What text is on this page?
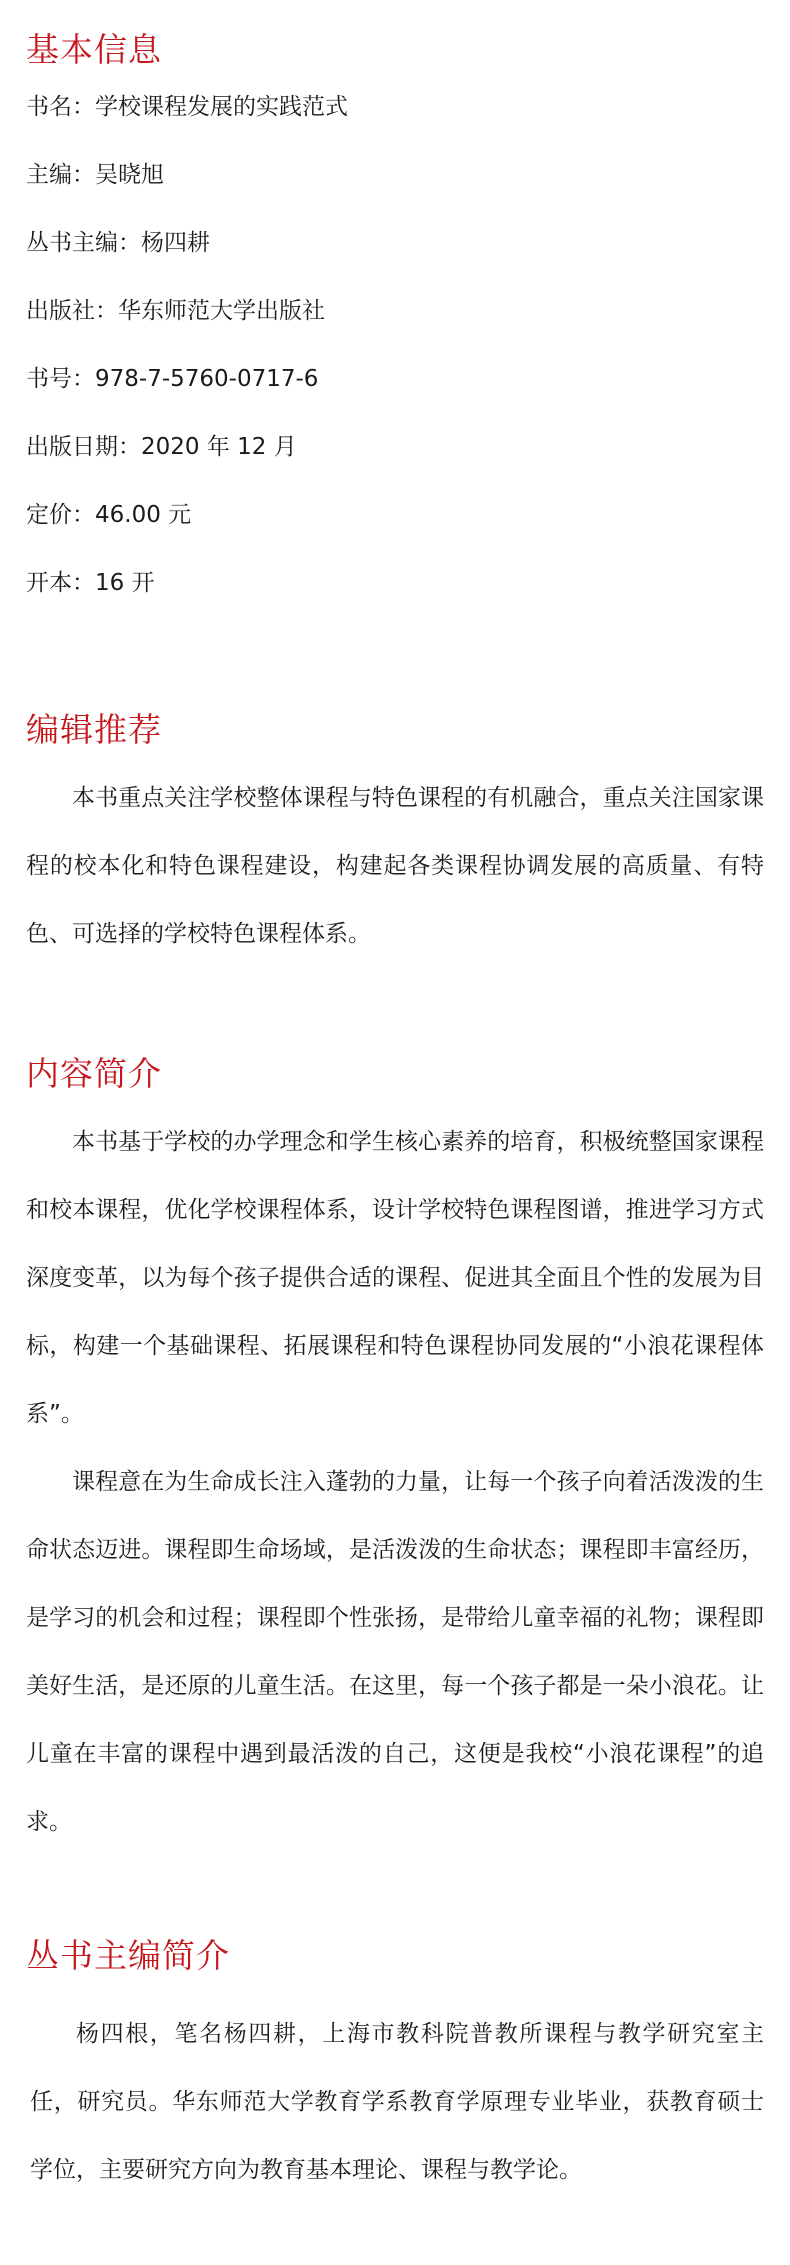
基本信息

书名：学校课程发展的实践范式

主编：吴晓旭

丛书主编：杨四耕

出版社：华东师范大学出版社

书号：978-7-5760-0717-6

出版日期：2020 年 12 月

定价：46.00 元

开本：16 开

编辑推荐

本书重点关注学校整体课程与特色课程的有机融合，重点关注国家课程的校本化和特色课程建设，构建起各类课程协调发展的高质量、有特色、可选择的学校特色课程体系。

内容简介

本书基于学校的办学理念和学生核心素养的培育，积极统整国家课程和校本课程，优化学校课程体系，设计学校特色课程图谱，推进学习方式深度变革，以为每个孩子提供合适的课程、促进其全面且个性的发展为目标，构建一个基础课程、拓展课程和特色课程协同发展的“小浪花课程体系”。

课程意在为生命成长注入蓬勃的力量，让每一个孩子向着活泼泼的生命状态迈进。课程即生命场域，是活泼泼的生命状态；课程即丰富经历，是学习的机会和过程；课程即个性张扬，是带给儿童幸福的礼物；课程即美好生活，是还原的儿童生活。在这里，每一个孩子都是一朵小浪花。让儿童在丰富的课程中遇到最活泼的自己，这便是我校“小浪花课程”的追求。

丛书主编简介

杨四根，笔名杨四耕，上海市教科院普教所课程与教学研究室主任，研究员。华东师范大学教育学系教育学原理专业毕业，获教育硕士学位，主要研究方向为教育基本理论、课程与教学论。
